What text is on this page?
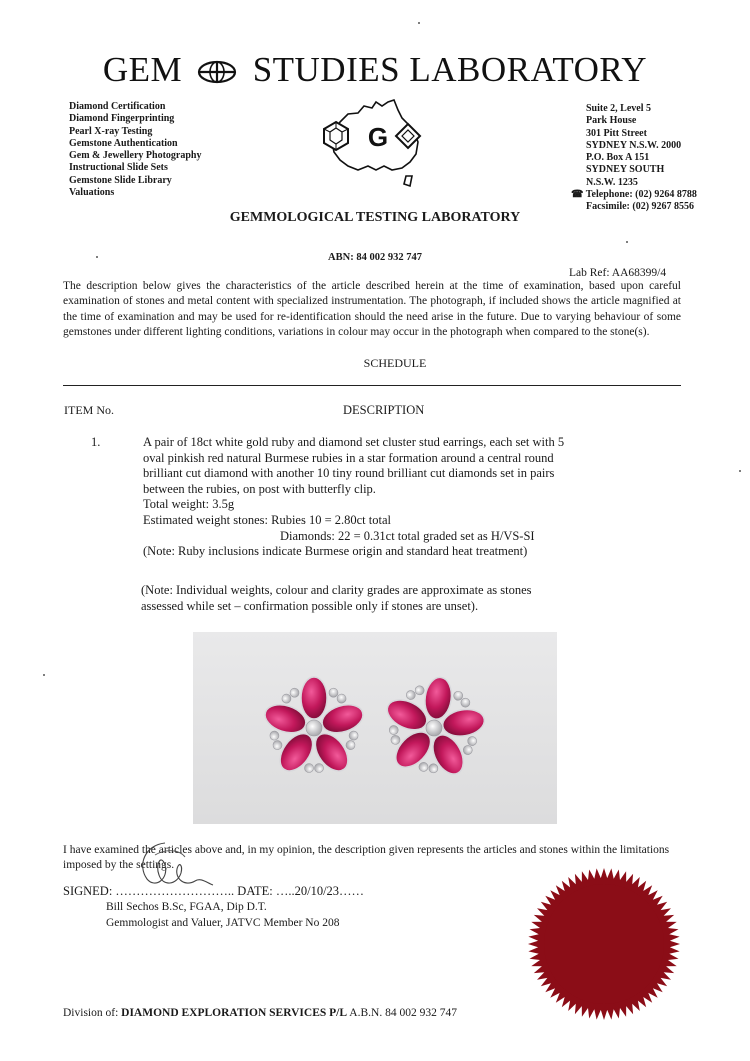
GEM STUDIES LABORATORY
Diamond Certification
Diamond Fingerprinting
Pearl X-ray Testing
Gemstone Authentication
Gem & Jewellery Photography
Instructional Slide Sets
Gemstone Slide Library
Valuations
G
Suite 2, Level 5
Park House
301 Pitt Street
SYDNEY N.S.W. 2000
P.O. Box A 151
SYDNEY SOUTH
N.S.W. 1235
☎ Telephone: (02) 9264 8788
Facsimile: (02) 9267 8556
GEMMOLOGICAL TESTING LABORATORY
ABN: 84 002 932 747
Lab Ref: AA68399/4
The description below gives the characteristics of the article described herein at the time of examination, based upon careful examination of stones and metal content with specialized instrumentation. The photograph, if included shows the article magnified at the time of examination and may be used for re-identification should the need arise in the future. Due to varying behaviour of some gemstones under different lighting conditions, variations in colour may occur in the photograph when compared to the stone(s).
SCHEDULE
ITEM No.	DESCRIPTION
1.	A pair of 18ct white gold ruby and diamond set cluster stud earrings, each set with 5
oval pinkish red natural Burmese rubies in a star formation around a central round
brilliant cut diamond with another 10 tiny round brilliant cut diamonds set in pairs
between the rubies, on post with butterfly clip.
Total weight: 3.5g
Estimated weight stones: Rubies 10 = 2.80ct total
Diamonds: 22 = 0.31ct total graded set as H/VS-SI
(Note: Ruby inclusions indicate Burmese origin and standard heat treatment)
(Note: Individual weights, colour and clarity grades are approximate as stones
assessed while set – confirmation possible only if stones are unset).
I have examined the articles above and, in my opinion, the description given represents the articles and stones within the limitations imposed by the settings.
SIGNED: ……………………….. DATE: …..20/10/23……
Bill Sechos B.Sc, FGAA, Dip D.T.
Gemmologist and Valuer, JATVC Member No 208
Division of: DIAMOND EXPLORATION SERVICES P/L A.B.N. 84 002 932 747
